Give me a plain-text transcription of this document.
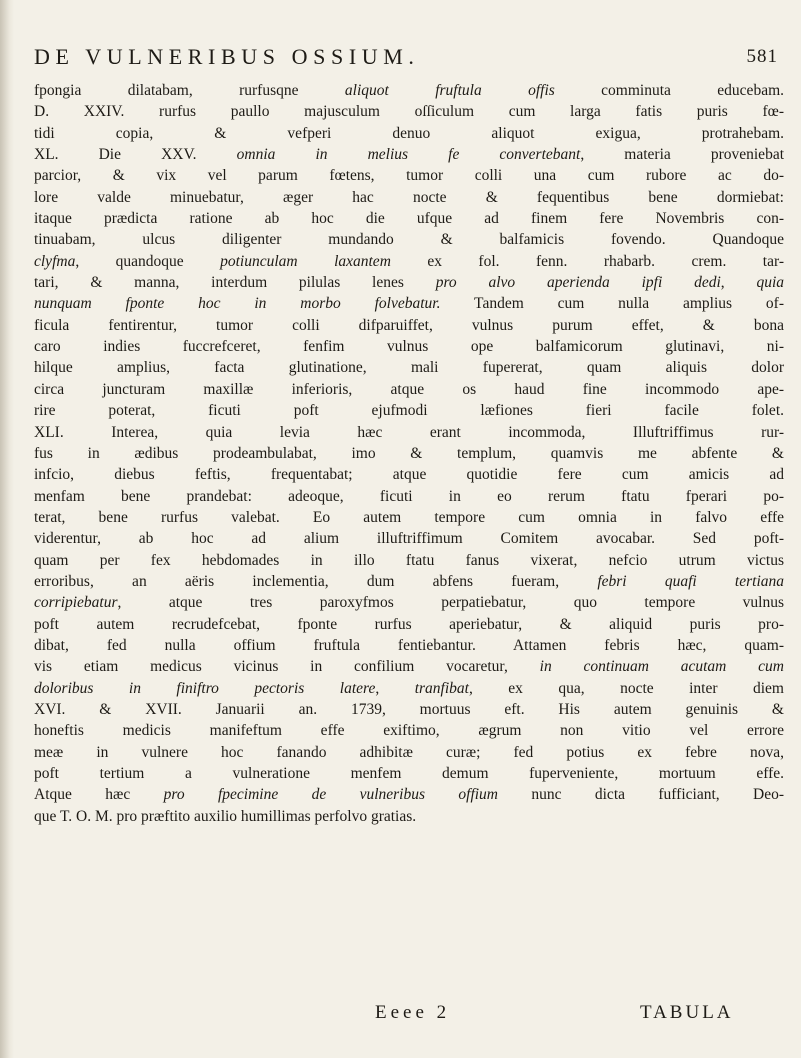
DE VULNERIBUS OSSIUM.	581
fpongia dilatabam, rurfusqne aliquot fruftula offis comminuta educebam.
D. XXIV. rurfus paullo majusculum oſſiculum cum larga fatis puris fœ-
tidi copia, & vefperi denuo aliquot exigua, protrahebam.
XL. Die XXV. omnia in melius fe convertebant, materia proveniebat
parcior, & vix vel parum fœtens, tumor colli una cum rubore ac do-
lore valde minuebatur, æger hac nocte & fequentibus bene dormiebat:
itaque prædicta ratione ab hoc die ufque ad finem fere Novembris con-
tinuabam, ulcus diligenter mundando & balfamicis fovendo. Quandoque
clyfma, quandoque potiunculam laxantem ex fol. fenn. rhabarb. crem. tar-
tari, & manna, interdum pilulas lenes pro alvo aperienda ipfi dedi, quia
nunquam fponte hoc in morbo folvebatur. Tandem cum nulla amplius of-
ficula fentirentur, tumor colli difparuiffet, vulnus purum effet, & bona
caro indies fuccrefceret, fenfim vulnus ope balfamicorum glutinavi, ni-
hilque amplius, facta glutinatione, mali fupererat, quam aliquis dolor
circa juncturam maxillæ inferioris, atque os haud fine incommodo ape-
rire poterat, ficuti poft ejufmodi læfiones fieri facile folet.
XLI. Interea, quia levia hæc erant incommoda, Illuftriffimus rur-
fus in ædibus prodeambulabat, imo & templum, quamvis me abfente &
infcio, diebus feftis, frequentabat; atque quotidie fere cum amicis ad
menfam bene prandebat: adeoque, ficuti in eo rerum ftatu fperari po-
terat, bene rurfus valebat. Eo autem tempore cum omnia in falvo effe
viderentur, ab hoc ad alium illuftriffimum Comitem avocabar. Sed poft-
quam per fex hebdomades in illo ftatu fanus vixerat, nefcio utrum victus
erroribus, an aëris inclementia, dum abfens fueram, febri quafi tertiana
corripiebatur, atque tres paroxyfmos perpatiebatur, quo tempore vulnus
poft autem recrudefcebat, fponte rurfus aperiebatur, & aliquid puris pro-
dibat, fed nulla offium fruftula fentiebantur. Attamen febris hæc, quam-
vis etiam medicus vicinus in confilium vocaretur, in continuam acutam cum
doloribus in finiftro pectoris latere, tranfibat, ex qua, nocte inter diem
XVI. & XVII. Januarii an. 1739, mortuus eft. His autem genuinis &
honeftis medicis manifeftum effe exiftimo, ægrum non vitio vel errore
meæ in vulnere hoc fanando adhibitæ curæ; fed potius ex febre nova,
poft tertium a vulneratione menfem demum fuperveniente, mortuum effe.
Atque hæc pro fpecimine de vulneribus offium nunc dicta fufficiant, Deo-
que T. O. M. pro præftito auxilio humillimas perfolvo gratias.
Eeee 2	TABULA
